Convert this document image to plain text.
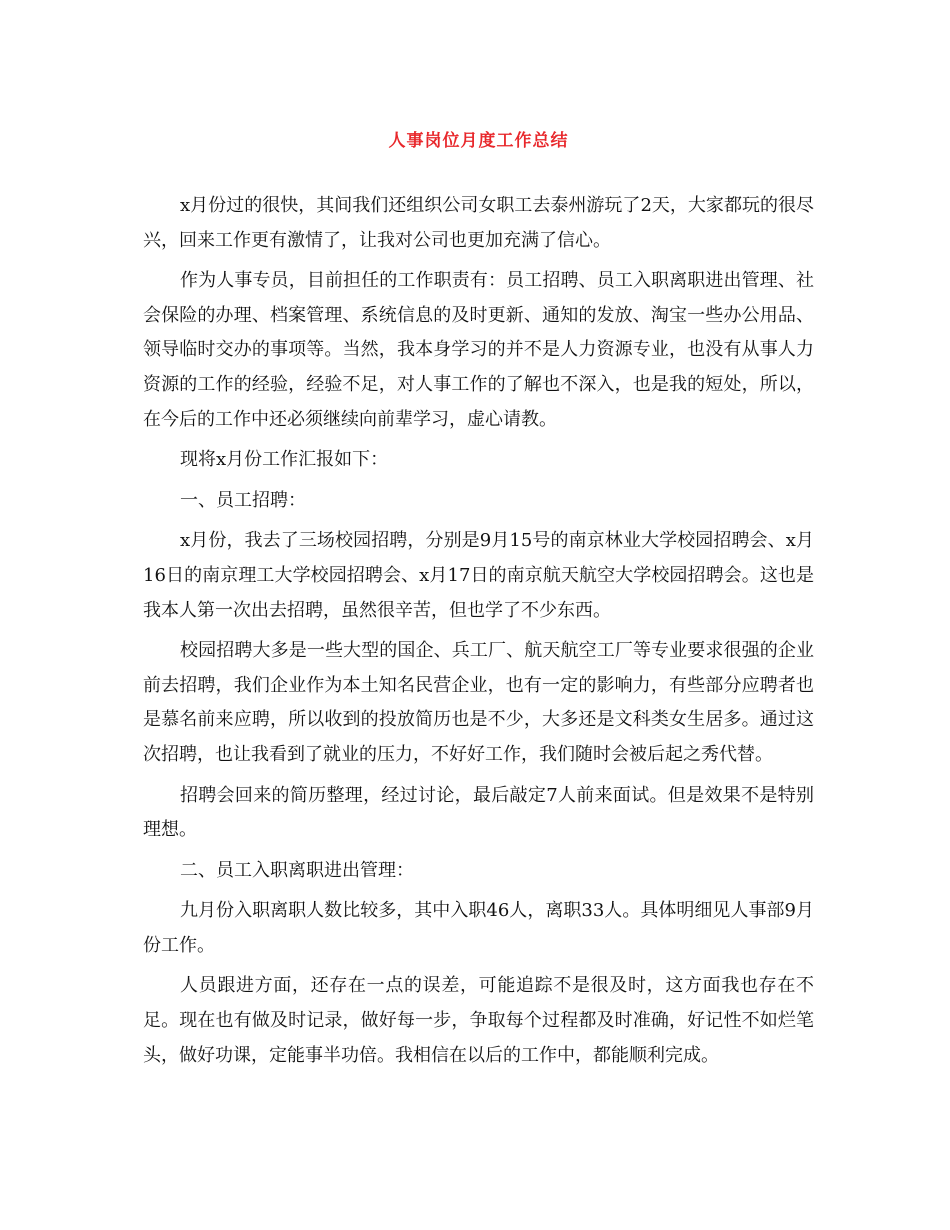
人事岗位月度工作总结

x月份过的很快，其间我们还组织公司女职工去泰州游玩了2天，大家都玩的很尽兴，回来工作更有激情了，让我对公司也更加充满了信心。

作为人事专员，目前担任的工作职责有：员工招聘、员工入职离职进出管理、社会保险的办理、档案管理、系统信息的及时更新、通知的发放、淘宝一些办公用品、领导临时交办的事项等。当然，我本身学习的并不是人力资源专业，也没有从事人力资源的工作的经验，经验不足，对人事工作的了解也不深入，也是我的短处，所以，在今后的工作中还必须继续向前辈学习，虚心请教。

现将x月份工作汇报如下：

一、员工招聘：

x月份，我去了三场校园招聘，分别是9月15号的南京林业大学校园招聘会、x月16日的南京理工大学校园招聘会、x月17日的南京航天航空大学校园招聘会。这也是我本人第一次出去招聘，虽然很辛苦，但也学了不少东西。

校园招聘大多是一些大型的国企、兵工厂、航天航空工厂等专业要求很强的企业前去招聘，我们企业作为本土知名民营企业，也有一定的影响力，有些部分应聘者也是慕名前来应聘，所以收到的投放简历也是不少，大多还是文科类女生居多。通过这次招聘，也让我看到了就业的压力，不好好工作，我们随时会被后起之秀代替。

招聘会回来的简历整理，经过讨论，最后敲定7人前来面试。但是效果不是特别理想。

二、员工入职离职进出管理：

九月份入职离职人数比较多，其中入职46人，离职33人。具体明细见人事部9月份工作。

人员跟进方面，还存在一点的误差，可能追踪不是很及时，这方面我也存在不足。现在也有做及时记录，做好每一步，争取每个过程都及时准确，好记性不如烂笔头，做好功课，定能事半功倍。我相信在以后的工作中，都能顺利完成。
